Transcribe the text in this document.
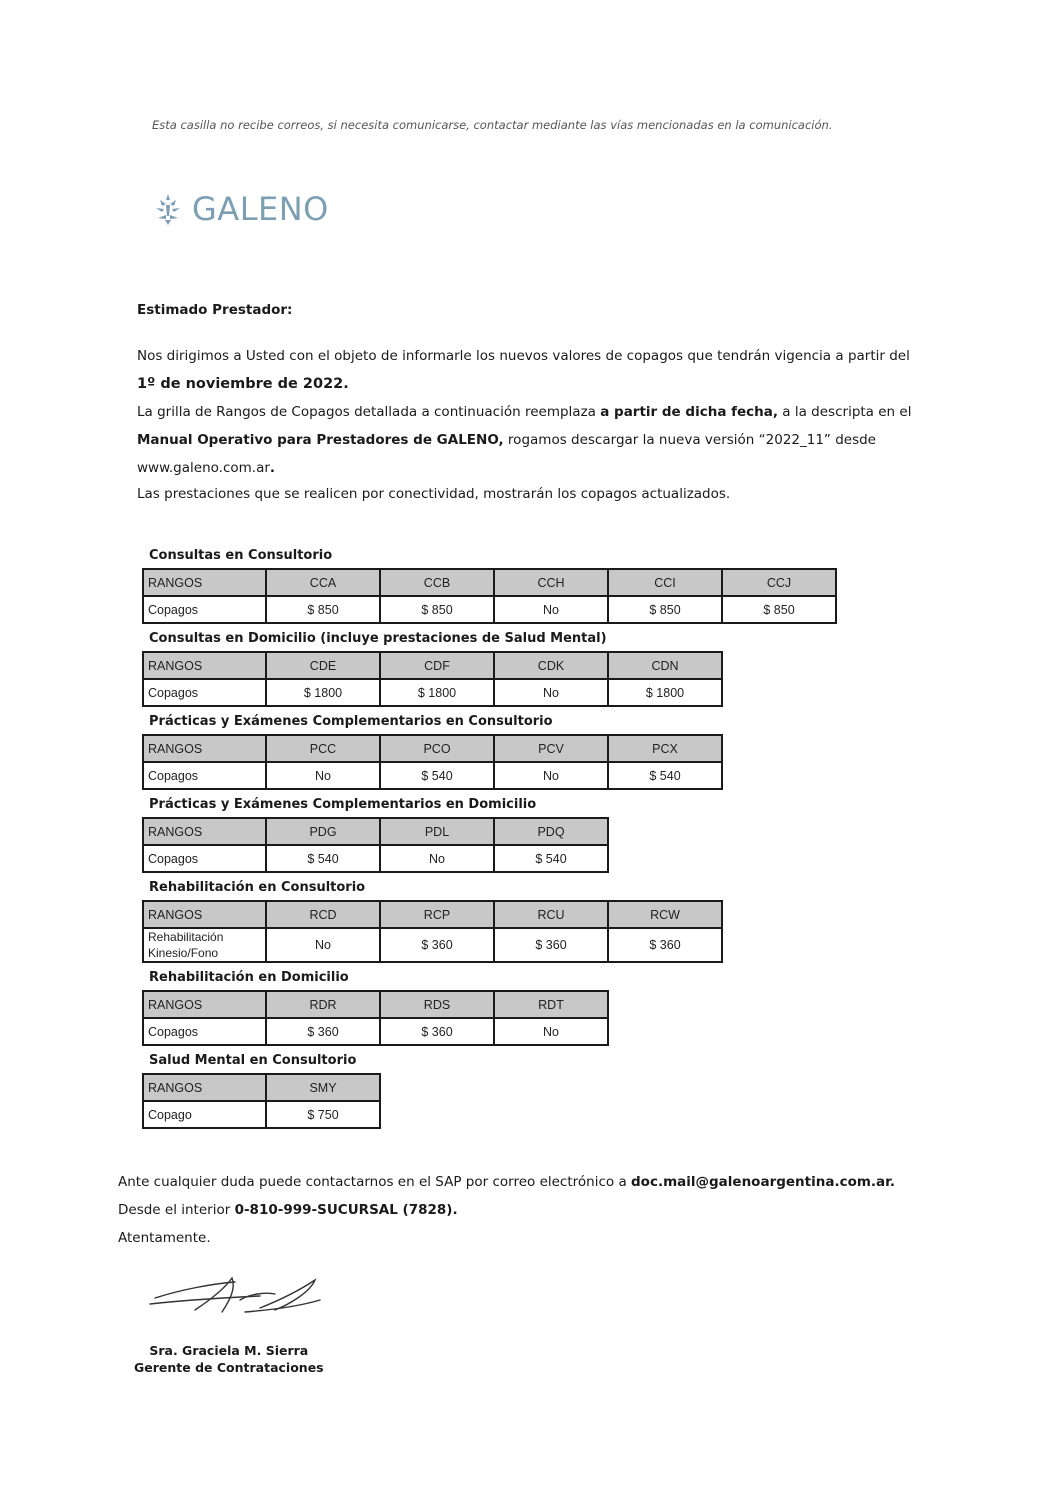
Esta casilla no recibe correos, si necesita comunicarse, contactar mediante las vías mencionadas en la comunicación.
GALENO
Estimado Prestador:

Nos dirigimos a Usted con el objeto de informarle los nuevos valores de copagos que tendrán vigencia a partir del

1º de noviembre de 2022.

La grilla de Rangos de Copagos detallada a continuación reemplaza a partir de dicha fecha, a la descripta en el Manual Operativo para Prestadores de GALENO, rogamos descargar la nueva versión “2022_11” desde www.galeno.com.ar.

Las prestaciones que se realicen por conectividad, mostrarán los copagos actualizados.
Consultas en Consultorio
RANGOS	CCA	CCB	CCH	CCI	CCJ
Copagos	$ 850	$ 850	No	$ 850	$ 850
Consultas en Domicilio (incluye prestaciones de Salud Mental)
RANGOS	CDE	CDF	CDK	CDN
Copagos	$ 1800	$ 1800	No	$ 1800
Prácticas y Exámenes Complementarios en Consultorio
RANGOS	PCC	PCO	PCV	PCX
Copagos	No	$ 540	No	$ 540
Prácticas y Exámenes Complementarios en Domicilio
RANGOS	PDG	PDL	PDQ
Copagos	$ 540	No	$ 540
Rehabilitación en Consultorio
RANGOS	RCD	RCP	RCU	RCW

Rehabilitación
Kinesio/Fono	No	$ 360	$ 360	$ 360
Rehabilitación en Domicilio
RANGOS	RDR	RDS	RDT
Copagos	$ 360	$ 360	No
Salud Mental en Consultorio
RANGOS	SMY
Copago	$ 750

Ante cualquier duda puede contactarnos en el SAP por correo electrónico a doc.mail@galenoargentina.com.ar.

Desde el interior 0-810-999-SUCURSAL (7828).

Atentamente.

Sra. Graciela M. Sierra
Gerente de Contrataciones
